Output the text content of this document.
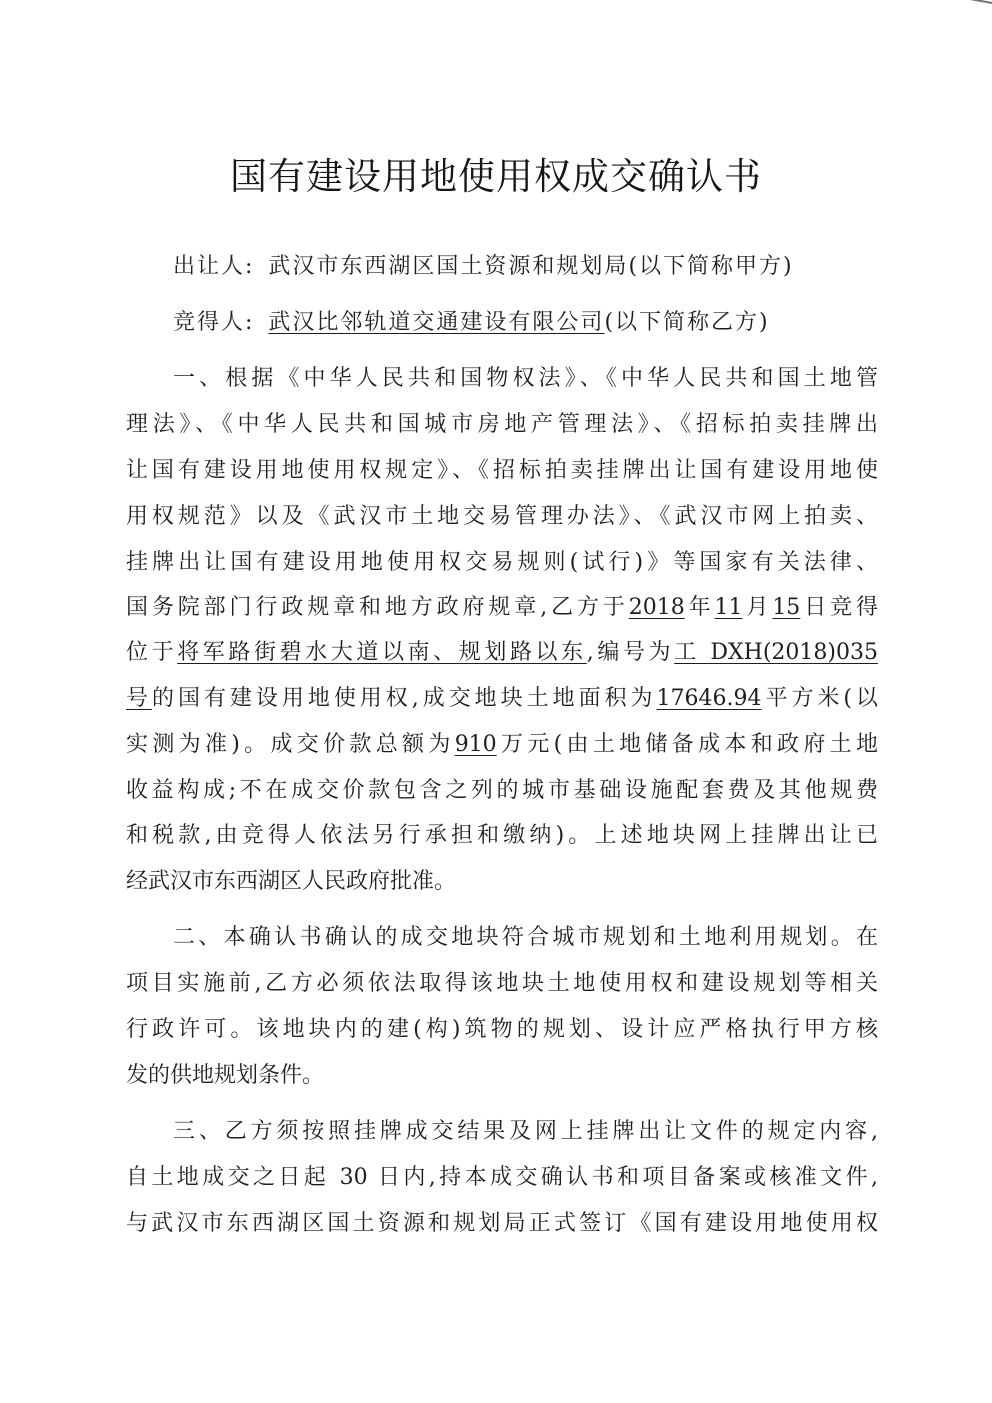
国有建设用地使用权成交确认书
出让人: 武汉市东西湖区国土资源和规划局(以下简称甲方)
竞得人: 武汉比邻轨道交通建设有限公司(以下简称乙方)
一、根据《中华人民共和国物权法》、《中华人民共和国土地管
理法》、《中华人民共和国城市房地产管理法》、《招标拍卖挂牌出
让国有建设用地使用权规定》、《招标拍卖挂牌出让国有建设用地使
用权规范》以及《武汉市土地交易管理办法》、《武汉市网上拍卖、
挂牌出让国有建设用地使用权交易规则(试行)》等国家有关法律、
国务院部门行政规章和地方政府规章,乙方于2018年11月15日竞得
位于将军路街碧水大道以南、规划路以东,编号为工 DXH(2018)035
号的国有建设用地使用权,成交地块土地面积为17646.94平方米(以
实测为准)。成交价款总额为910万元(由土地储备成本和政府土地
收益构成;不在成交价款包含之列的城市基础设施配套费及其他规费
和税款,由竞得人依法另行承担和缴纳)。上述地块网上挂牌出让已
经武汉市东西湖区人民政府批准。
二、本确认书确认的成交地块符合城市规划和土地利用规划。在
项目实施前,乙方必须依法取得该地块土地使用权和建设规划等相关
行政许可。该地块内的建(构)筑物的规划、设计应严格执行甲方核
发的供地规划条件。
三、乙方须按照挂牌成交结果及网上挂牌出让文件的规定内容,
自土地成交之日起 30 日内,持本成交确认书和项目备案或核准文件,
与武汉市东西湖区国土资源和规划局正式签订《国有建设用地使用权
